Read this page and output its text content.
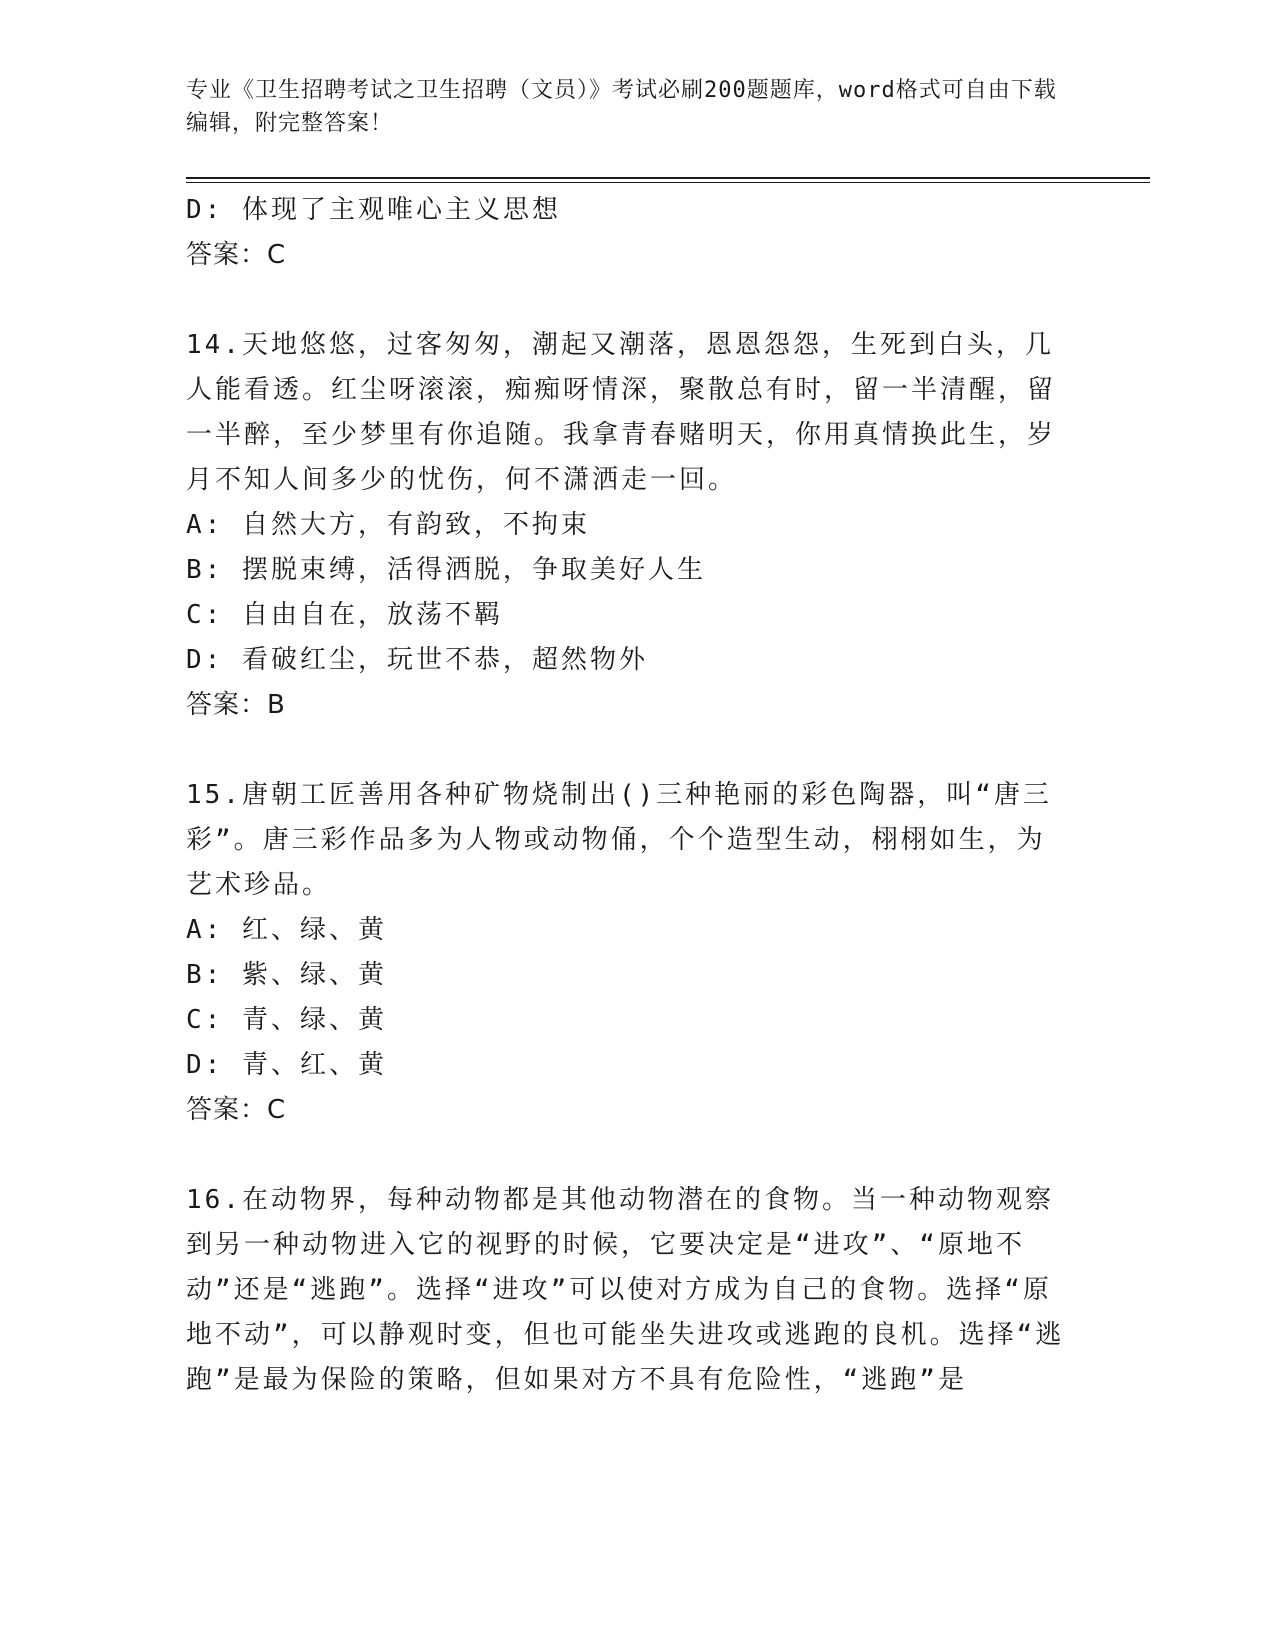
专业《卫生招聘考试之卫生招聘（文员）》考试必刷200题题库，word格式可自由下载编辑，附完整答案！
D: 体现了主观唯心主义思想
答案：C
14.天地悠悠，过客匆匆，潮起又潮落，恩恩怨怨，生死到白头，几人能看透。红尘呀滚滚，痴痴呀情深，聚散总有时，留一半清醒，留一半醉，至少梦里有你追随。我拿青春赌明天，你用真情换此生，岁月不知人间多少的忧伤，何不潇洒走一回。
A: 自然大方，有韵致，不拘束
B: 摆脱束缚，活得洒脱，争取美好人生
C: 自由自在，放荡不羁
D: 看破红尘，玩世不恭，超然物外
答案：B
15.唐朝工匠善用各种矿物烧制出()三种艳丽的彩色陶器，叫“唐三彩”。唐三彩作品多为人物或动物俑，个个造型生动，栩栩如生，为艺术珍品。
A: 红、绿、黄
B: 紫、绿、黄
C: 青、绿、黄
D: 青、红、黄
答案：C
16.在动物界，每种动物都是其他动物潜在的食物。当一种动物观察到另一种动物进入它的视野的时候，它要决定是“进攻”、“原地不动”还是“逃跑”。选择“进攻”可以使对方成为自己的食物。选择“原地不动”，可以静观时变，但也可能坐失进攻或逃跑的良机。选择“逃跑”是最为保险的策略，但如果对方不具有危险性，“逃跑”是
